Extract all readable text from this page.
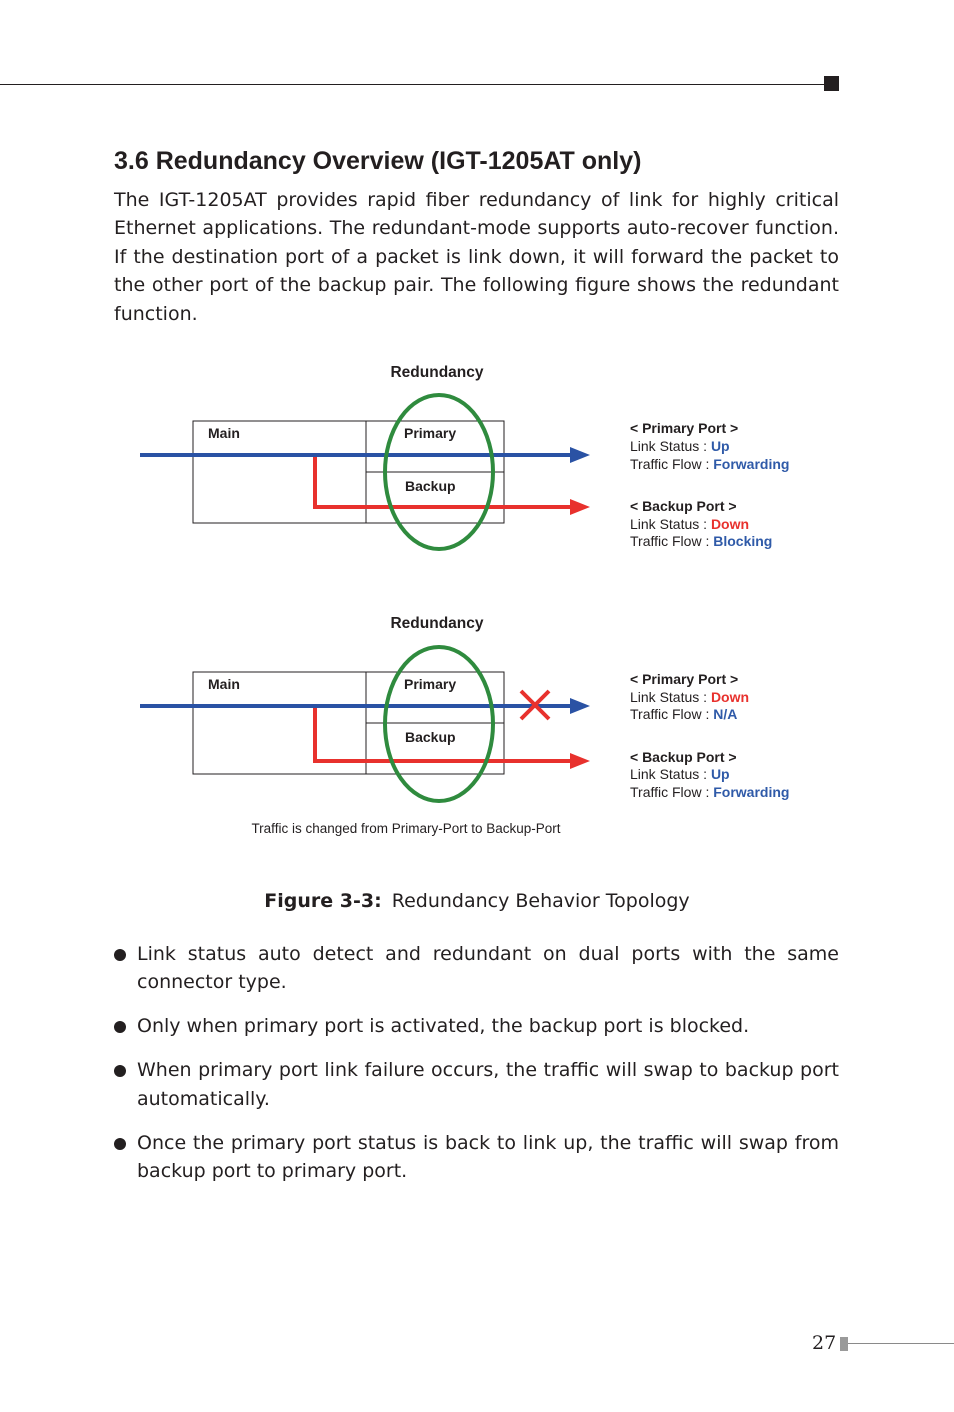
3.6 Redundancy Overview (IGT-1205AT only)

The IGT-1205AT provides rapid fiber redundancy of link for highly critical Ethernet applications. The redundant-mode supports auto-recover function. If the destination port of a packet is link down, it will forward the packet to the other port of the backup pair. The following figure shows the redundant function.

Redundancy
Main	Primary
Backup
< Primary Port >
Link Status : Up
Traffic Flow : Forwarding
< Backup Port >
Link Status : Down
Traffic Flow : Blocking
Redundancy
Main	Primary
Backup
< Primary Port >
Link Status : Down
Traffic Flow : N/A
< Backup Port >
Link Status : Up
Traffic Flow : Forwarding
Traffic is changed from Primary-Port to Backup-Port
Figure 3-3: Redundancy Behavior Topology
Link status auto detect and redundant on dual ports with the same connector type.
Only when primary port is activated, the backup port is blocked.
When primary port link failure occurs, the traffic will swap to backup port automatically.
Once the primary port status is back to link up, the traffic will swap from backup port to primary port.
27
